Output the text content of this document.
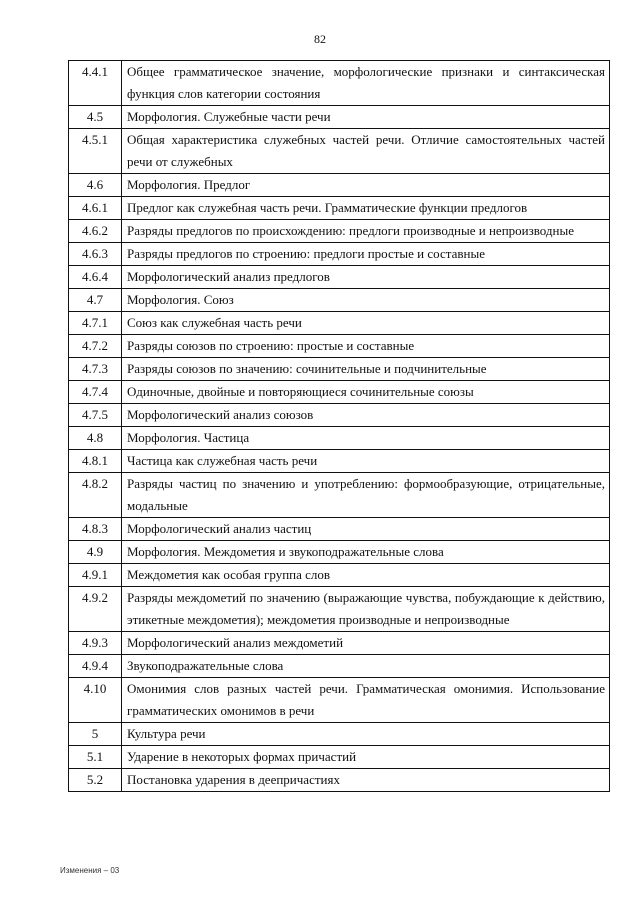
82
4.4.1	Общее грамматическое значение, морфологические признаки и синтаксическая функция слов категории состояния
4.5	Морфология. Служебные части речи
4.5.1	Общая характеристика служебных частей речи. Отличие самостоятельных частей речи от служебных
4.6	Морфология. Предлог
4.6.1	Предлог как служебная часть речи. Грамматические функции предлогов
4.6.2	Разряды предлогов по происхождению: предлоги производные и непроизводные
4.6.3	Разряды предлогов по строению: предлоги простые и составные
4.6.4	Морфологический анализ предлогов
4.7	Морфология. Союз
4.7.1	Союз как служебная часть речи
4.7.2	Разряды союзов по строению: простые и составные
4.7.3	Разряды союзов по значению: сочинительные и подчинительные
4.7.4	Одиночные, двойные и повторяющиеся сочинительные союзы
4.7.5	Морфологический анализ союзов
4.8	Морфология. Частица
4.8.1	Частица как служебная часть речи
4.8.2	Разряды частиц по значению и употреблению: формообразующие, отрицательные, модальные
4.8.3	Морфологический анализ частиц
4.9	Морфология. Междометия и звукоподражательные слова
4.9.1	Междометия как особая группа слов
4.9.2	Разряды междометий по значению (выражающие чувства, побуждающие к действию, этикетные междометия); междометия производные и непроизводные
4.9.3	Морфологический анализ междометий
4.9.4	Звукоподражательные слова
4.10	Омонимия слов разных частей речи. Грамматическая омонимия. Использование грамматических омонимов в речи
5	Культура речи
5.1	Ударение в некоторых формах причастий
5.2	Постановка ударения в деепричастиях
Изменения – 03
